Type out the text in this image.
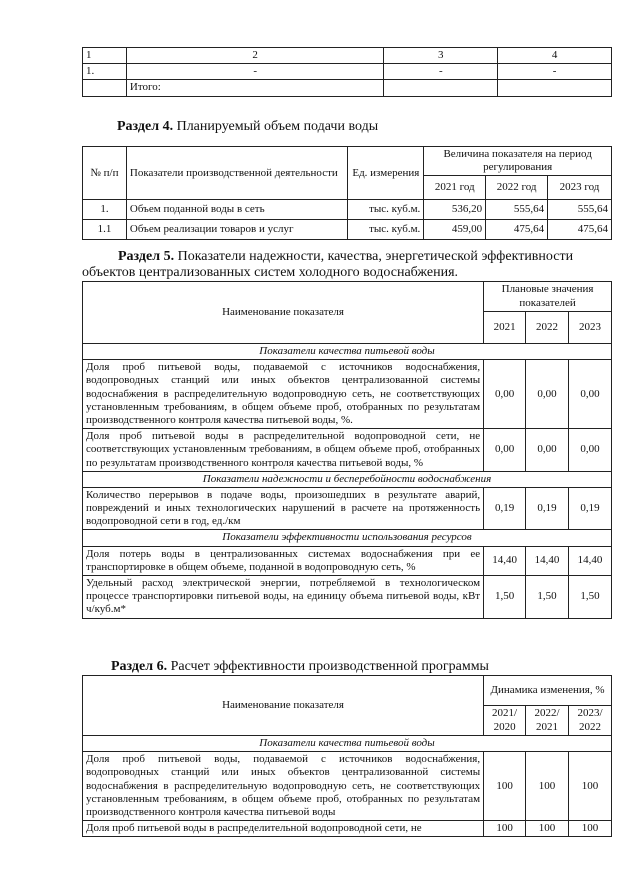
1	2	3	4
1.	-	-	-
	Итого:		
Раздел 4. Планируемый объем подачи воды
№ п/п	Показатели производственной деятельности	Ед. измерения	Величина показателя на период регулирования		
			2021 год	2022 год	2023 год
1.	Объем поданной воды в сеть	тыс. куб.м.	536,20	555,64	555,64
1.1	Объем реализации товаров и услуг	тыс. куб.м.	459,00	475,64	475,64
Раздел 5. Показатели надежности, качества, энергетической эффективности объектов централизованных систем холодного водоснабжения.
Наименование показателя	Плановые значения показателей		
	2021	2022	2023
Показатели качества питьевой воды			
Доля проб питьевой воды, подаваемой с источников водоснабжения, водопроводных станций или иных объектов централизованной системы водоснабжения в распределительную водопроводную сеть, не соответствующих установленным требованиям, в общем объеме проб, отобранных по результатам производственного контроля качества питьевой воды, %.	0,00	0,00	0,00
Доля проб питьевой воды в распределительной водопроводной сети, не соответствующих установленным требованиям, в общем объеме проб, отобранных по результатам производственного контроля качества питьевой воды, %	0,00	0,00	0,00
Показатели надежности и бесперебойности водоснабжения			
Количество перерывов в подаче воды, произошедших в результате аварий, повреждений и иных технологических нарушений в расчете на протяженность водопроводной сети в год, ед./км	0,19	0,19	0,19
Показатели эффективности использования ресурсов			
Доля потерь воды в централизованных системах водоснабжения при ее транспортировке в общем объеме, поданной в водопроводную сеть, %	14,40	14,40	14,40
Удельный расход электрической энергии, потребляемой в технологическом процессе транспортировки питьевой воды, на единицу объема питьевой воды, кВт ч/куб.м*	1,50	1,50	1,50
Раздел 6. Расчет эффективности производственной программы
Наименование показателя	Динамика изменения, %		
	2021/ 2020	2022/ 2021	2023/ 2022
Показатели качества питьевой воды			
Доля проб питьевой воды, подаваемой с источников водоснабжения, водопроводных станций или иных объектов централизованной системы водоснабжения в распределительную водопроводную сеть, не соответствующих установленным требованиям, в общем объеме проб, отобранных по результатам производственного контроля качества питьевой воды	100	100	100
Доля проб питьевой воды в распределительной водопроводной сети, не	100	100	100
